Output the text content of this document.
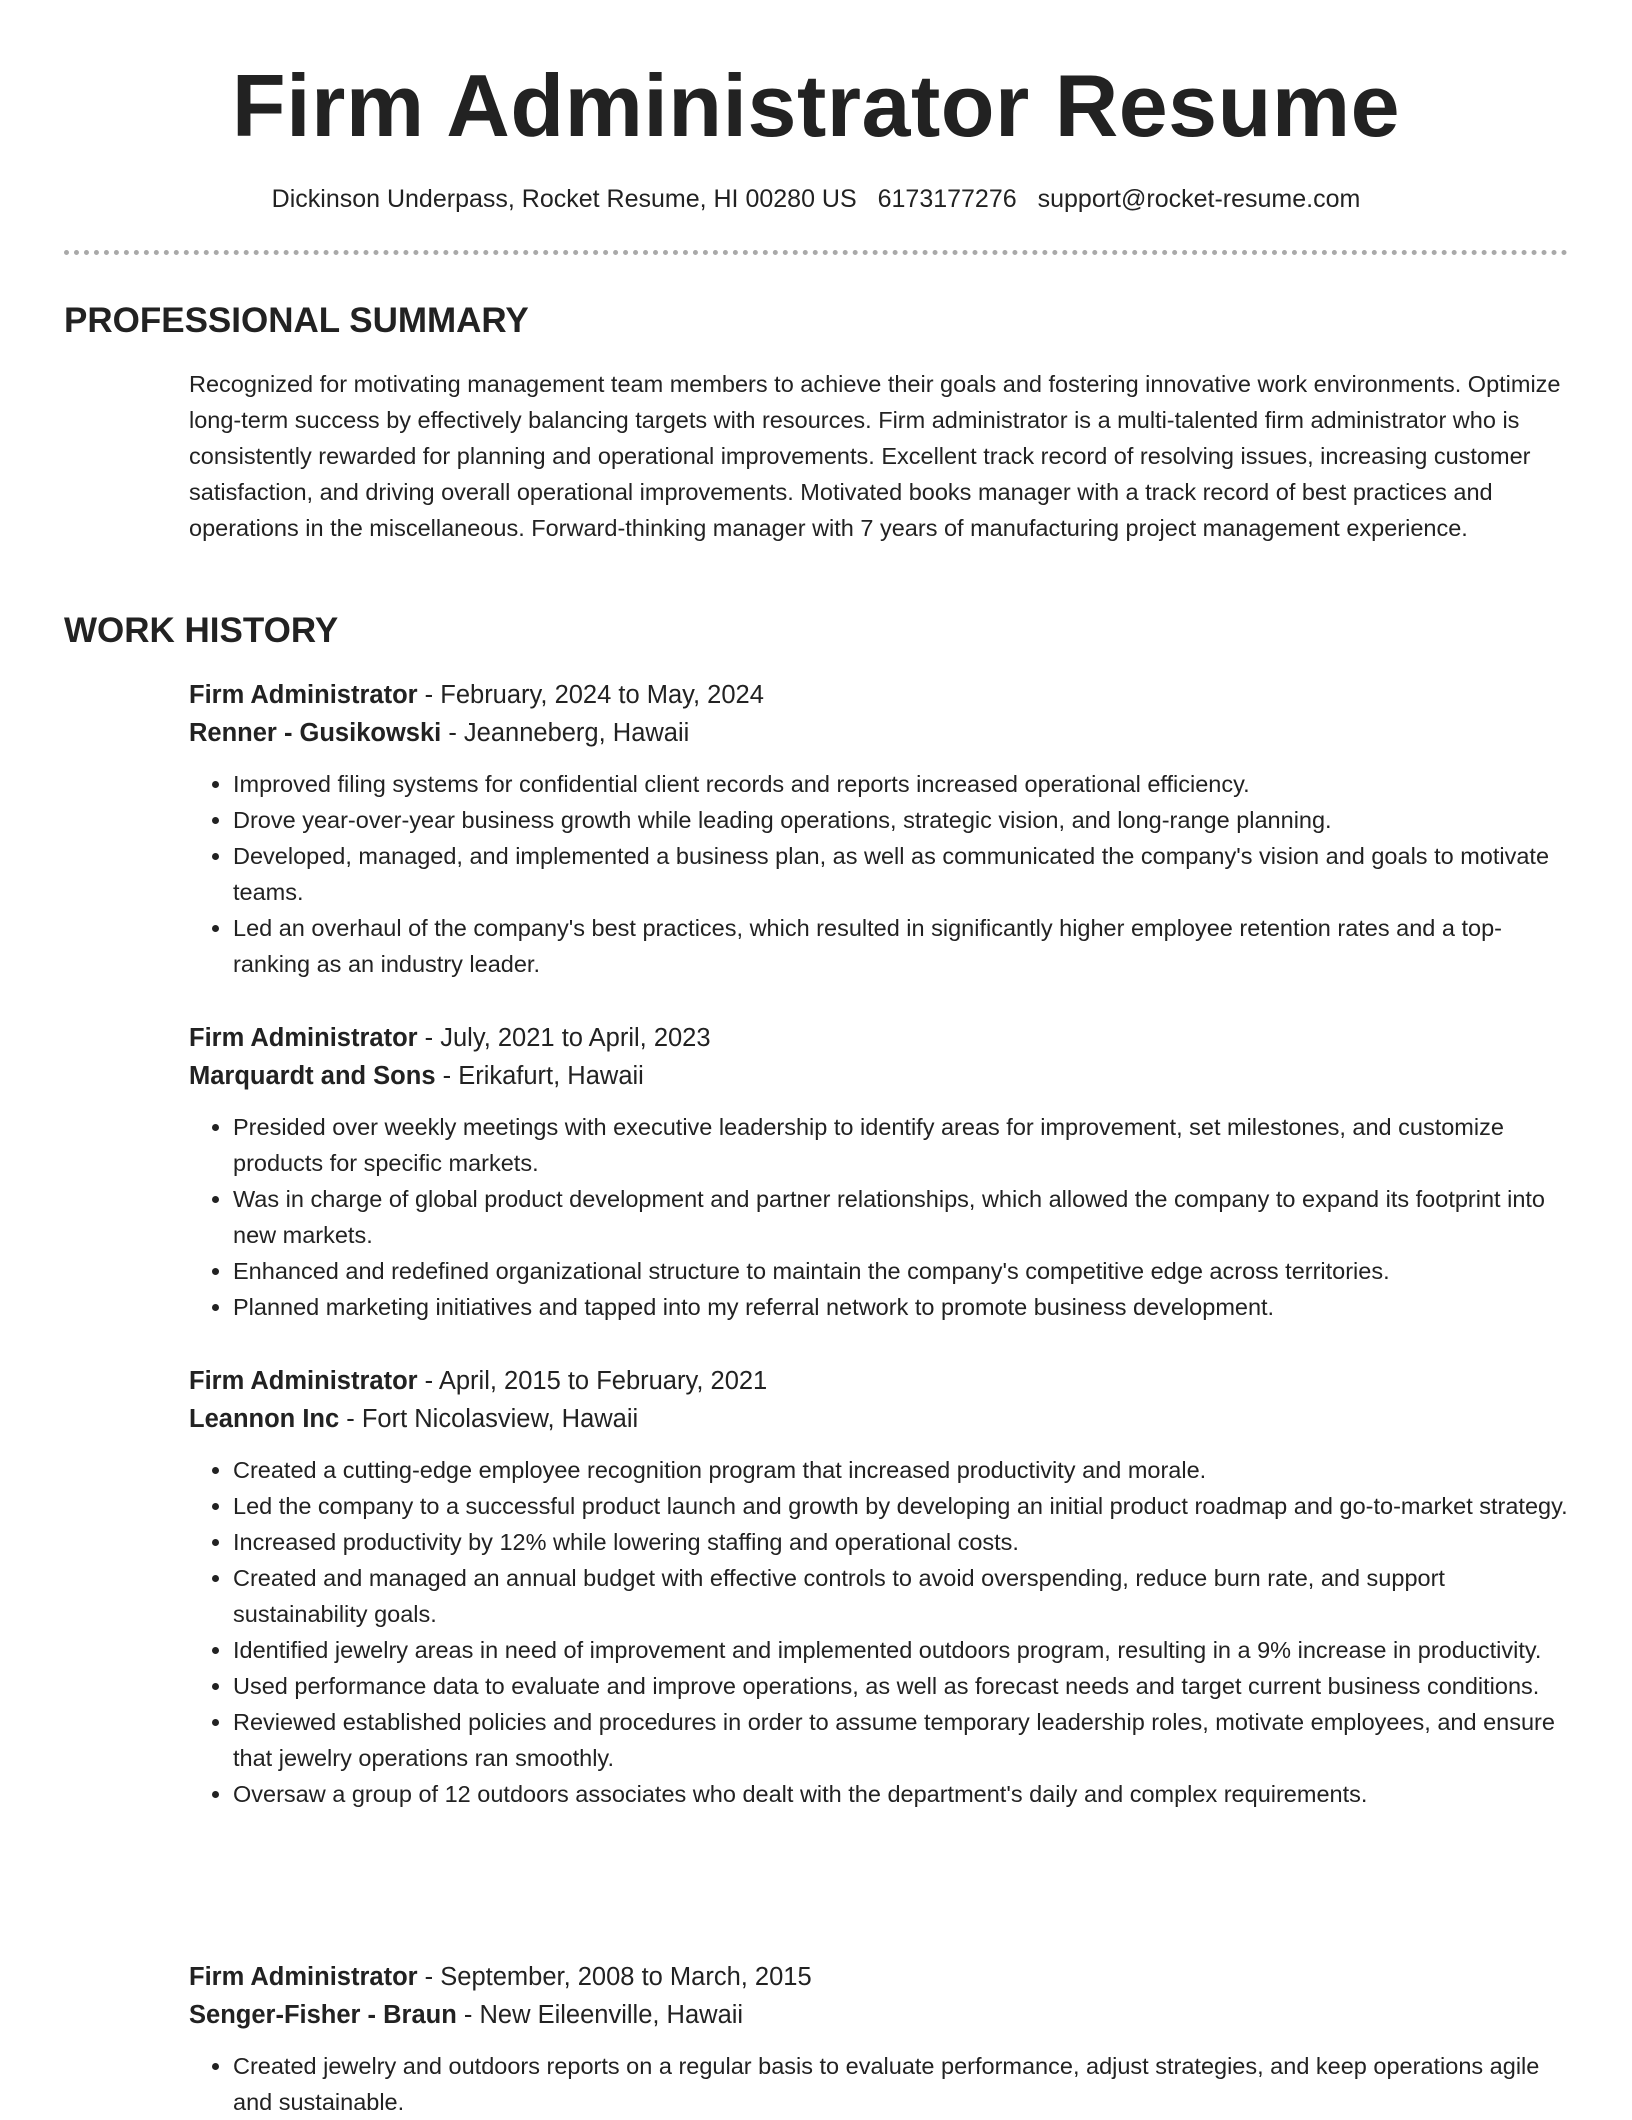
Firm Administrator Resume
Dickinson Underpass, Rocket Resume, HI 00280 US 6173177276 support@rocket-resume.com
PROFESSIONAL SUMMARY

Recognized for motivating management team members to achieve their goals and fostering innovative work environments. Optimize long-term success by effectively balancing targets with resources. Firm administrator is a multi-talented firm administrator who is consistently rewarded for planning and operational improvements. Excellent track record of resolving issues, increasing customer satisfaction, and driving overall operational improvements. Motivated books manager with a track record of best practices and operations in the miscellaneous. Forward-thinking manager with 7 years of manufacturing project management experience.

WORK HISTORY

Firm Administrator - February, 2024 to May, 2024

Renner - Gusikowski - Jeanneberg, Hawaii

• Improved filing systems for confidential client records and reports increased operational efficiency.
• Drove year-over-year business growth while leading operations, strategic vision, and long-range planning.
• Developed, managed, and implemented a business plan, as well as communicated the company's vision and goals to motivate teams.
• Led an overhaul of the company's best practices, which resulted in significantly higher employee retention rates and a top-ranking as an industry leader.

Firm Administrator - July, 2021 to April, 2023

Marquardt and Sons - Erikafurt, Hawaii

• Presided over weekly meetings with executive leadership to identify areas for improvement, set milestones, and customize products for specific markets.
• Was in charge of global product development and partner relationships, which allowed the company to expand its footprint into new markets.
• Enhanced and redefined organizational structure to maintain the company's competitive edge across territories.
• Planned marketing initiatives and tapped into my referral network to promote business development.

Firm Administrator - April, 2015 to February, 2021

Leannon Inc - Fort Nicolasview, Hawaii

• Created a cutting-edge employee recognition program that increased productivity and morale.
• Led the company to a successful product launch and growth by developing an initial product roadmap and go-to-market strategy.
• Increased productivity by 12% while lowering staffing and operational costs.
• Created and managed an annual budget with effective controls to avoid overspending, reduce burn rate, and support sustainability goals.
• Identified jewelry areas in need of improvement and implemented outdoors program, resulting in a 9% increase in productivity.
• Used performance data to evaluate and improve operations, as well as forecast needs and target current business conditions.
• Reviewed established policies and procedures in order to assume temporary leadership roles, motivate employees, and ensure that jewelry operations ran smoothly.
• Oversaw a group of 12 outdoors associates who dealt with the department's daily and complex requirements.

Firm Administrator - September, 2008 to March, 2015

Senger-Fisher - Braun - New Eileenville, Hawaii

• Created jewelry and outdoors reports on a regular basis to evaluate performance, adjust strategies, and keep operations agile and sustainable.
